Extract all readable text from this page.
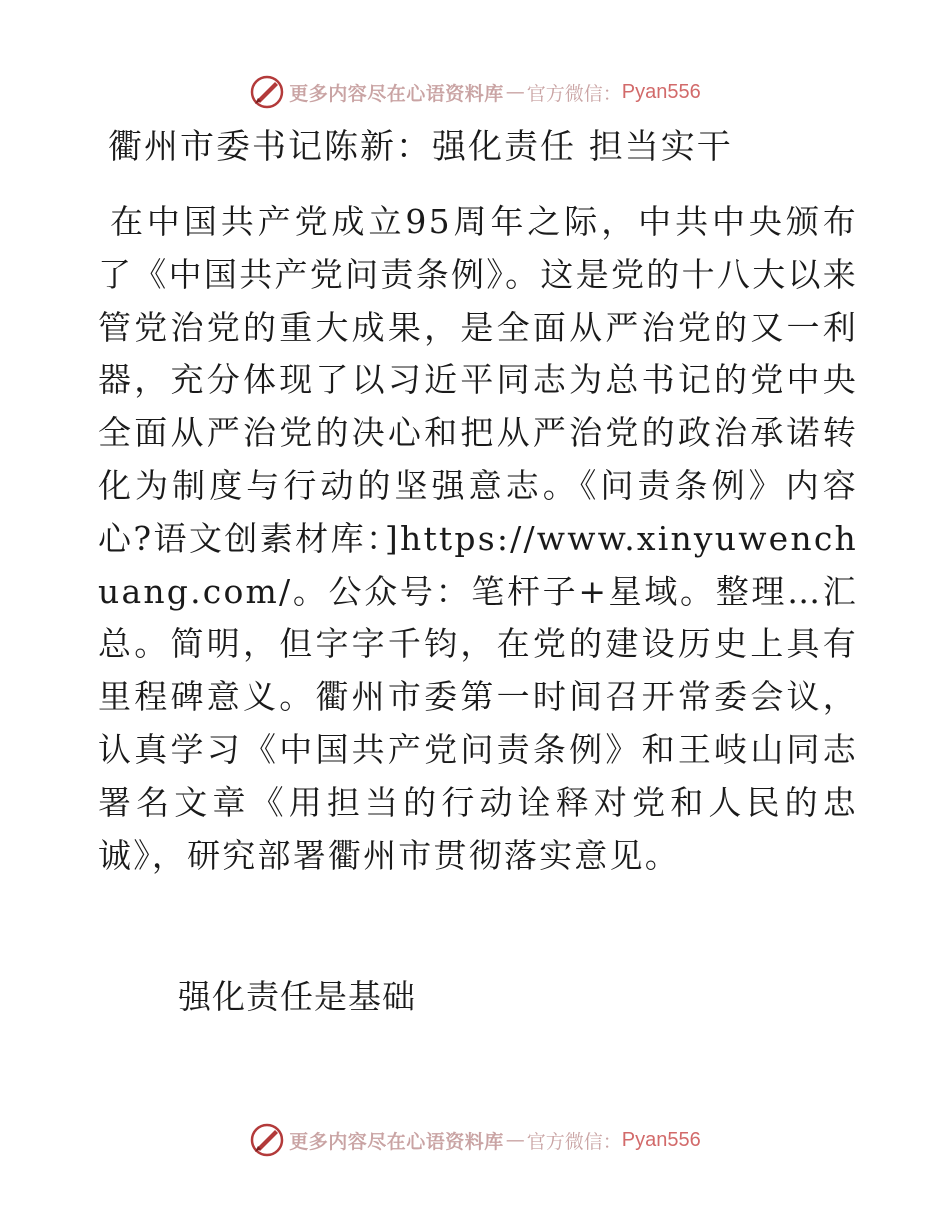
更多内容尽在心语资料库 — 官方微信： Pyan556
衢州市委书记陈新：强化责任 担当实干
在中国共产党成立95周年之际，中共中央颁布了《中国共产党问责条例》。这是党的十八大以来管党治党的重大成果，是全面从严治党的又一利器，充分体现了以习近平同志为总书记的党中央全面从严治党的决心和把从严治党的政治承诺转化为制度与行动的坚强意志。《问责条例》内容心?语文创素材库：]https://www.xinyuwenchuang.com/。公众号：笔杆子+星域。整理…汇总。简明，但字字千钧，在党的建设历史上具有里程碑意义。衢州市委第一时间召开常委会议，认真学习《中国共产党问责条例》和王岐山同志署名文章《用担当的行动诠释对党和人民的忠诚》，研究部署衢州市贯彻落实意见。
强化责任是基础
更多内容尽在心语资料库 — 官方微信： Pyan556
